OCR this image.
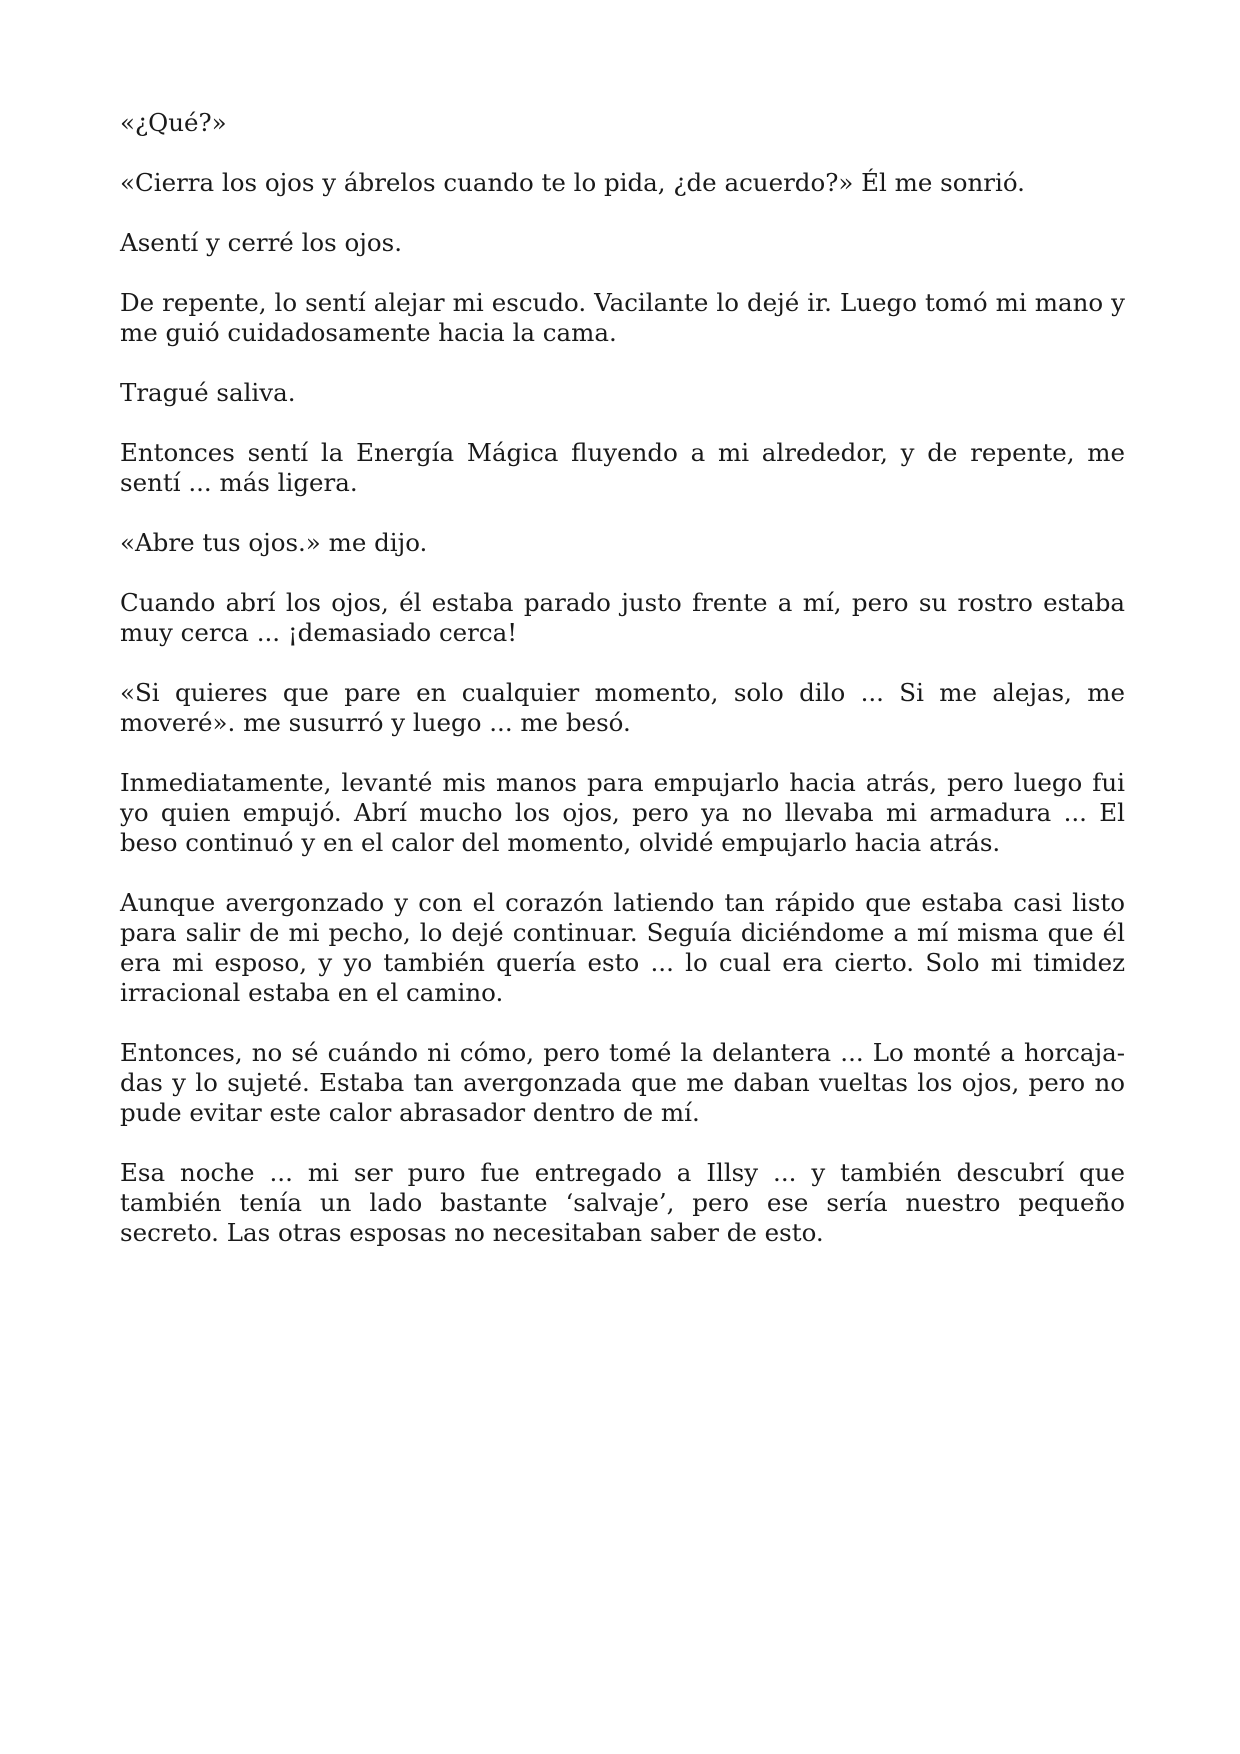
«¿Qué?»

«Cierra los ojos y ábrelos cuando te lo pida, ¿de acuerdo?» Él me sonrió.

Asentí y cerré los ojos.

De repente, lo sentí alejar mi escudo. Vacilante lo dejé ir. Luego tomó mi mano y me guió cuidadosamente hacia la cama.

Tragué saliva.

Entonces sentí la Energía Mágica fluyendo a mi alrededor, y de repente, me sentí ... más ligera.

«Abre tus ojos.» me dijo.

Cuando abrí los ojos, él estaba parado justo frente a mí, pero su rostro estaba muy cerca ... ¡demasiado cerca!

«Si quieres que pare en cualquier momento, solo dilo ... Si me alejas, me moveré». me susurró y luego ... me besó.

Inmediatamente, levanté mis manos para empujarlo hacia atrás, pero luego fui yo quien empujó. Abrí mucho los ojos, pero ya no llevaba mi armadura ... El beso continuó y en el calor del momento, olvidé empujarlo hacia atrás.

Aunque avergonzado y con el corazón latiendo tan rápido que estaba casi listo para salir de mi pecho, lo dejé continuar. Seguía diciéndome a mí misma que él era mi esposo, y yo también quería esto ... lo cual era cierto. Solo mi timidez irracional estaba en el camino.

Entonces, no sé cuándo ni cómo, pero tomé la delantera ... Lo monté a horcajadas y lo sujeté. Estaba tan avergonzada que me daban vueltas los ojos, pero no pude evitar este calor abrasador dentro de mí.

Esa noche ... mi ser puro fue entregado a Illsy ... y también descubrí que también tenía un lado bastante ‘salvaje’, pero ese sería nuestro pequeño secreto. Las otras esposas no necesitaban saber de esto.
